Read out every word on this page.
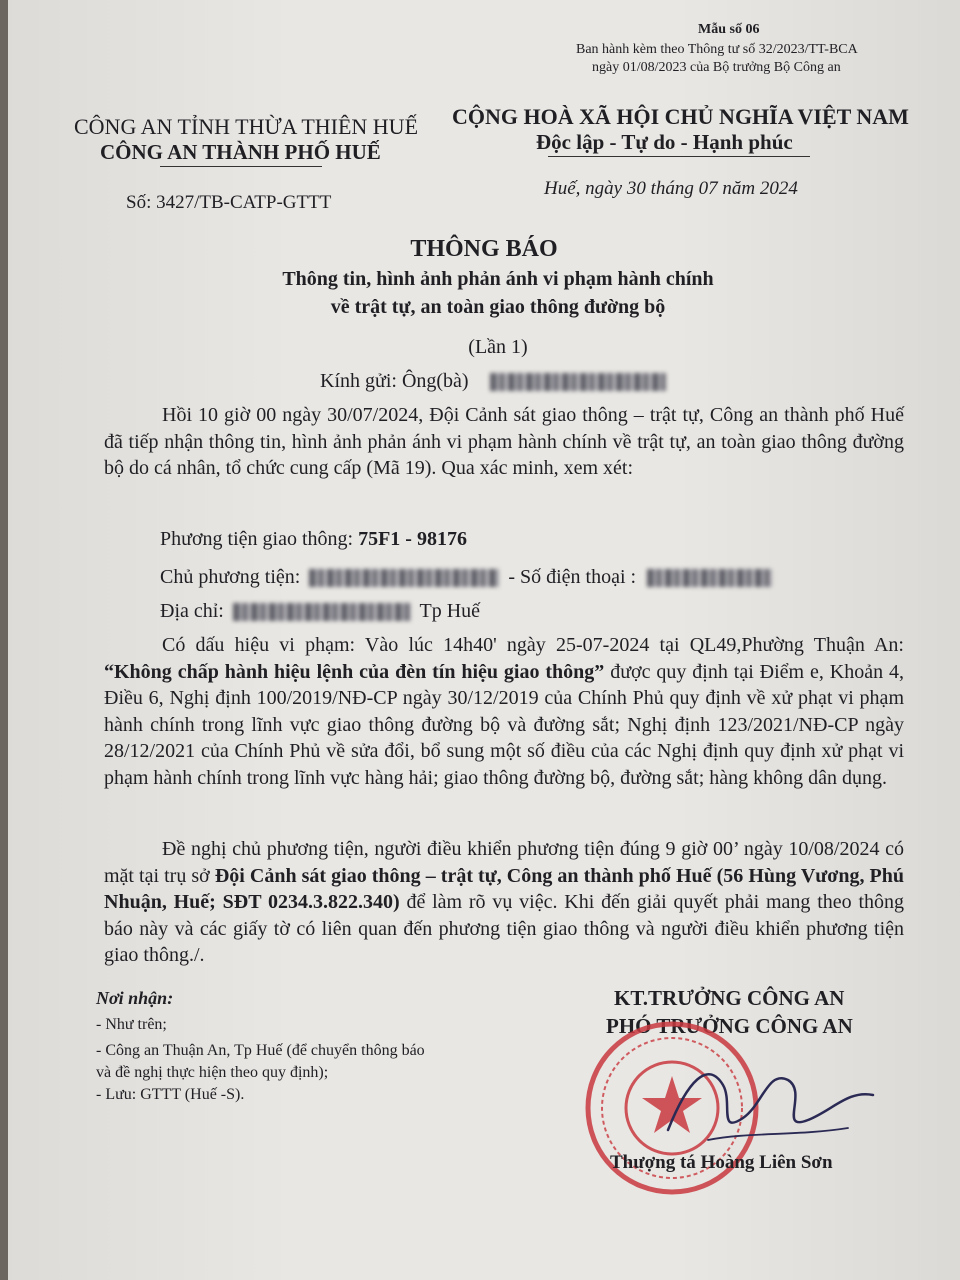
Mẫu số 06
Ban hành kèm theo Thông tư số 32/2023/TT-BCA
ngày 01/08/2023 của Bộ trưởng Bộ Công an
CÔNG AN TỈNH THỪA THIÊN HUẾ
CÔNG AN THÀNH PHỐ HUẾ
Số: 3427/TB-CATP-GTTT
CỘNG HOÀ XÃ HỘI CHỦ NGHĨA VIỆT NAM
Độc lập - Tự do - Hạnh phúc
Huế, ngày 30 tháng 07 năm 2024
THÔNG BÁO
Thông tin, hình ảnh phản ánh vi phạm hành chính
về trật tự, an toàn giao thông đường bộ
(Lần 1)
Kính gửi: Ông(bà)
Hồi 10 giờ 00 ngày 30/07/2024, Đội Cảnh sát giao thông – trật tự, Công an thành phố Huế đã tiếp nhận thông tin, hình ảnh phản ánh vi phạm hành chính về trật tự, an toàn giao thông đường bộ do cá nhân, tổ chức cung cấp (Mã 19). Qua xác minh, xem xét:
Phương tiện giao thông: 75F1 - 98176
Chủ phương tiện:	- Số điện thoại :
Địa chỉ:	Tp Huế
Có dấu hiệu vi phạm: Vào lúc 14h40' ngày 25-07-2024 tại QL49,Phường Thuận An: “Không chấp hành hiệu lệnh của đèn tín hiệu giao thông” được quy định tại Điểm e, Khoản 4, Điều 6, Nghị định 100/2019/NĐ-CP ngày 30/12/2019 của Chính Phủ quy định về xử phạt vi phạm hành chính trong lĩnh vực giao thông đường bộ và đường sắt; Nghị định 123/2021/NĐ-CP ngày 28/12/2021 của Chính Phủ về sửa đổi, bổ sung một số điều của các Nghị định quy định xử phạt vi phạm hành chính trong lĩnh vực hàng hải; giao thông đường bộ, đường sắt; hàng không dân dụng.
Đề nghị chủ phương tiện, người điều khiển phương tiện đúng 9 giờ 00’ ngày 10/08/2024 có mặt tại trụ sở Đội Cảnh sát giao thông – trật tự, Công an thành phố Huế (56 Hùng Vương, Phú Nhuận, Huế; SĐT 0234.3.822.340) để làm rõ vụ việc. Khi đến giải quyết phải mang theo thông báo này và các giấy tờ có liên quan đến phương tiện giao thông và người điều khiển phương tiện giao thông./.
Nơi nhận:
- Như trên;
- Công an Thuận An, Tp Huế (để chuyển thông báo
và đề nghị thực hiện theo quy định);
- Lưu: GTTT (Huế -S).
KT.TRƯỞNG CÔNG AN
PHÓ TRƯỞNG CÔNG AN
Thượng tá Hoàng Liên Sơn
